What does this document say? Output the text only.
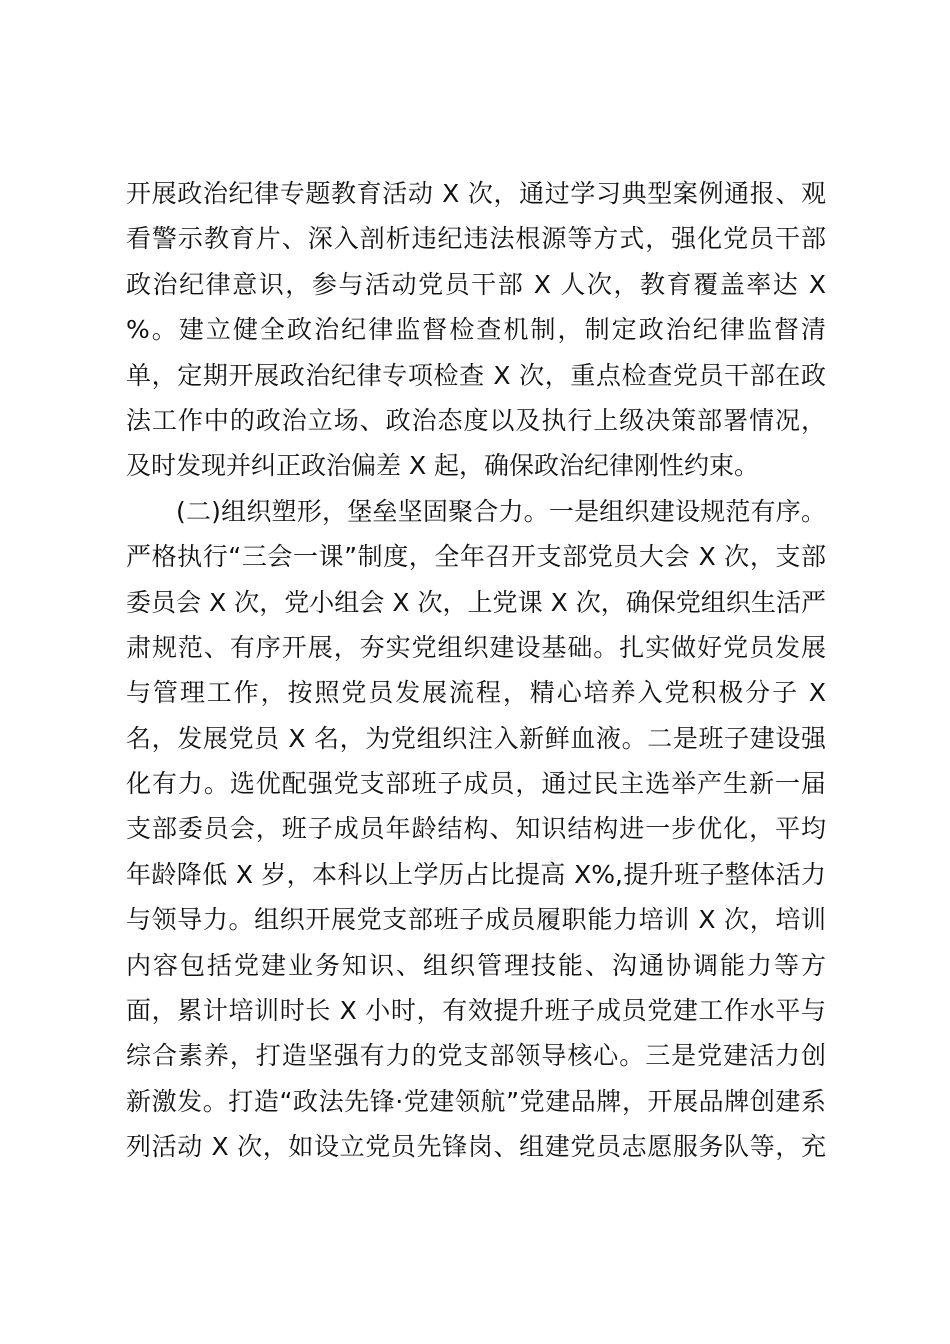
开展政治纪律专题教育活动 X 次，通过学习典型案例通报、观
看警示教育片、深入剖析违纪违法根源等方式，强化党员干部
政治纪律意识，参与活动党员干部 X 人次，教育覆盖率达 X
%。建立健全政治纪律监督检查机制，制定政治纪律监督清
单，定期开展政治纪律专项检查 X 次，重点检查党员干部在政
法工作中的政治立场、政治态度以及执行上级决策部署情况，
及时发现并纠正政治偏差 X 起，确保政治纪律刚性约束。
(二)组织塑形，堡垒坚固聚合力。一是组织建设规范有序。
严格执行“三会一课”制度，全年召开支部党员大会 X 次，支部
委员会 X 次，党小组会 X 次，上党课 X 次，确保党组织生活严
肃规范、有序开展，夯实党组织建设基础。扎实做好党员发展
与管理工作，按照党员发展流程，精心培养入党积极分子 X
名，发展党员 X 名，为党组织注入新鲜血液。二是班子建设强
化有力。选优配强党支部班子成员，通过民主选举产生新一届
支部委员会，班子成员年龄结构、知识结构进一步优化，平均
年龄降低 X 岁，本科以上学历占比提高 X%,提升班子整体活力
与领导力。组织开展党支部班子成员履职能力培训 X 次，培训
内容包括党建业务知识、组织管理技能、沟通协调能力等方
面，累计培训时长 X 小时，有效提升班子成员党建工作水平与
综合素养，打造坚强有力的党支部领导核心。三是党建活力创
新激发。打造“政法先锋·党建领航”党建品牌，开展品牌创建系
列活动 X 次，如设立党员先锋岗、组建党员志愿服务队等，充
